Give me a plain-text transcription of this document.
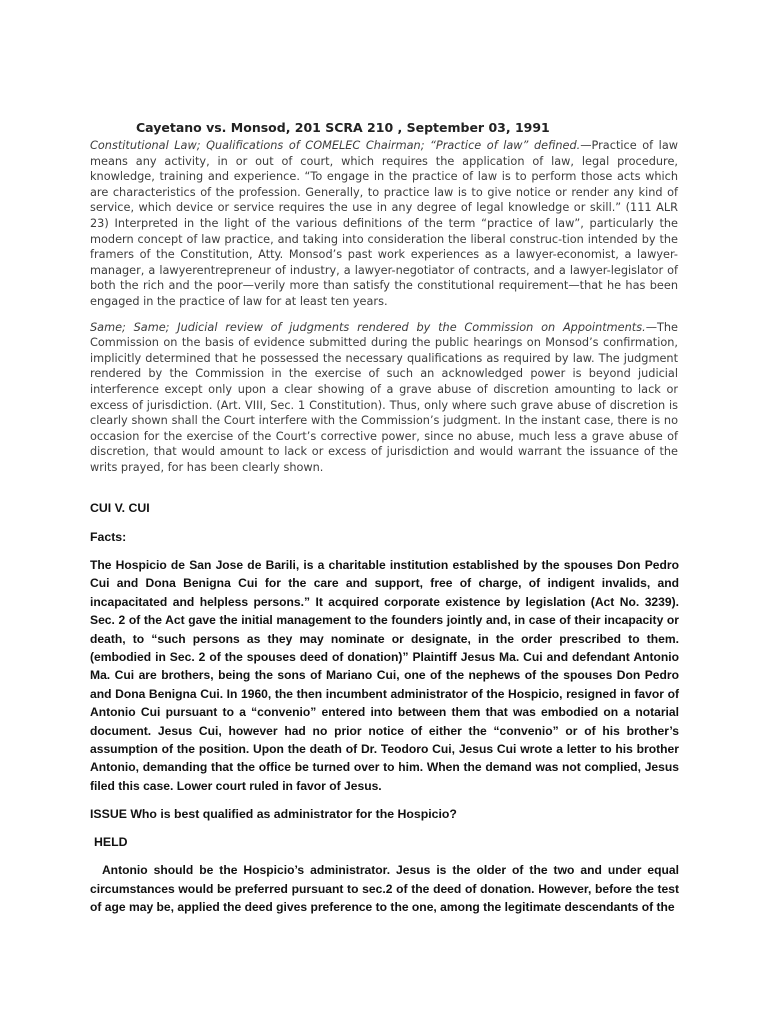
Cayetano vs. Monsod, 201 SCRA 210 , September 03, 1991

Constitutional Law; Qualifications of COMELEC Chairman; “Practice of law” defined.—Practice of law means any activity, in or out of court, which requires the application of law, legal procedure, knowledge, training and experience. “To engage in the practice of law is to perform those acts which are characteristics of the profession. Generally, to practice law is to give notice or render any kind of service, which device or service requires the use in any degree of legal knowledge or skill.” (111 ALR 23) Interpreted in the light of the various definitions of the term “practice of law”, particularly the modern concept of law practice, and taking into consideration the liberal construc-tion intended by the framers of the Constitution, Atty. Monsod’s past work experiences as a lawyer-economist, a lawyer-manager, a lawyerentrepreneur of industry, a lawyer-negotiator of contracts, and a lawyer-legislator of both the rich and the poor—verily more than satisfy the constitutional requirement—that he has been engaged in the practice of law for at least ten years.

Same; Same; Judicial review of judgments rendered by the Commission on Appointments.—The Commission on the basis of evidence submitted during the public hearings on Monsod’s confirmation, implicitly determined that he possessed the necessary qualifications as required by law. The judgment rendered by the Commission in the exercise of such an acknowledged power is beyond judicial interference except only upon a clear showing of a grave abuse of discretion amounting to lack or excess of jurisdiction. (Art. VIII, Sec. 1 Constitution). Thus, only where such grave abuse of discretion is clearly shown shall the Court interfere with the Commission’s judgment. In the instant case, there is no occasion for the exercise of the Court’s corrective power, since no abuse, much less a grave abuse of discretion, that would amount to lack or excess of jurisdiction and would warrant the issuance of the writs prayed, for has been clearly shown.

CUI V. CUI
Facts:

The Hospicio de San Jose de Barili, is a charitable institution established by the spouses Don Pedro Cui and Dona Benigna Cui for the care and support, free of charge, of indigent invalids, and incapacitated and helpless persons.” It acquired corporate existence by legislation (Act No. 3239). Sec. 2 of the Act gave the initial management to the founders jointly and, in case of their incapacity or death, to “such persons as they may nominate or designate, in the order prescribed to them. (embodied in Sec. 2 of the spouses deed of donation)” Plaintiff Jesus Ma. Cui and defendant Antonio Ma. Cui are brothers, being the sons of Mariano Cui, one of the nephews of the spouses Don Pedro and Dona Benigna Cui. In 1960, the then incumbent administrator of the Hospicio, resigned in favor of Antonio Cui pursuant to a “convenio” entered into between them that was embodied on a notarial document. Jesus Cui, however had no prior notice of either the “convenio” or of his brother’s assumption of the position. Upon the death of Dr. Teodoro Cui, Jesus Cui wrote a letter to his brother Antonio, demanding that the office be turned over to him. When the demand was not complied, Jesus filed this case. Lower court ruled in favor of Jesus.

ISSUE Who is best qualified as administrator for the Hospicio?
HELD

Antonio should be the Hospicio’s administrator. Jesus is the older of the two and under equal circumstances would be preferred pursuant to sec.2 of the deed of donation. However, before the test of age may be, applied the deed gives preference to the one, among the legitimate descendants of the
